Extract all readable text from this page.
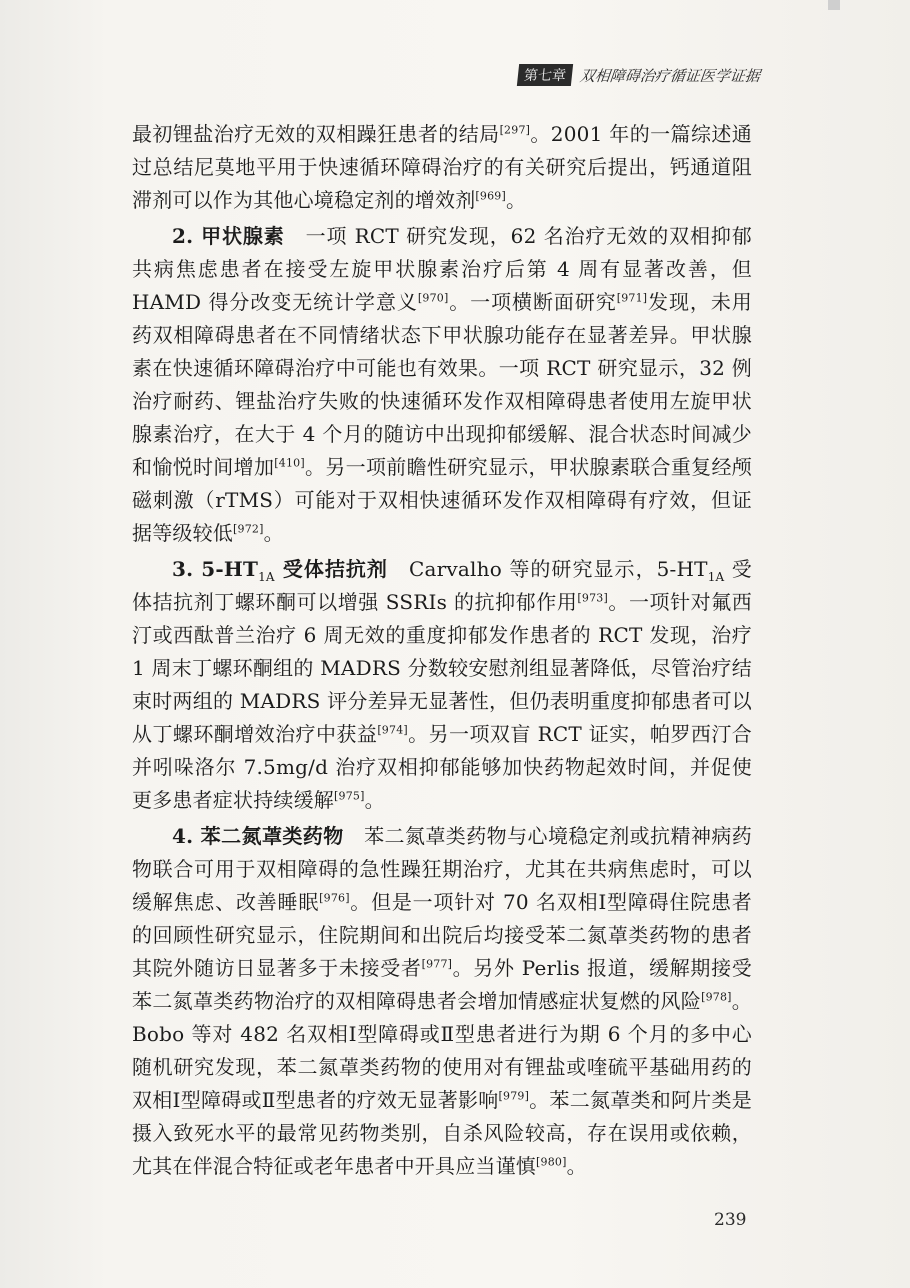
第七章 双相障碍治疗循证医学证据

最初锂盐治疗无效的双相躁狂患者的结局[297]。2001 年的一篇综述通过总结尼莫地平用于快速循环障碍治疗的有关研究后提出，钙通道阻滞剂可以作为其他心境稳定剂的增效剂[969]。

2. 甲状腺素　一项 RCT 研究发现，62 名治疗无效的双相抑郁共病焦虑患者在接受左旋甲状腺素治疗后第 4 周有显著改善，但 HAMD 得分改变无统计学意义[970]。一项横断面研究[971]发现，未用药双相障碍患者在不同情绪状态下甲状腺功能存在显著差异。甲状腺素在快速循环障碍治疗中可能也有效果。一项 RCT 研究显示，32 例治疗耐药、锂盐治疗失败的快速循环发作双相障碍患者使用左旋甲状腺素治疗，在大于 4 个月的随访中出现抑郁缓解、混合状态时间减少和愉悦时间增加[410]。另一项前瞻性研究显示，甲状腺素联合重复经颅磁刺激（rTMS）可能对于双相快速循环发作双相障碍有疗效，但证据等级较低[972]。

3. $5-HT_{1A}$ 受体拮抗剂　Carvalho 等的研究显示，$5-HT_{1A}$ 受体拮抗剂丁螺环酮可以增强 SSRIs 的抗抑郁作用[973]。一项针对氟西汀或西酞普兰治疗 6 周无效的重度抑郁发作患者的 RCT 发现，治疗 1 周末丁螺环酮组的 MADRS 分数较安慰剂组显著降低，尽管治疗结束时两组的 MADRS 评分差异无显著性，但仍表明重度抑郁患者可以从丁螺环酮增效治疗中获益[974]。另一项双盲 RCT 证实，帕罗西汀合并吲哚洛尔 7.5mg/d 治疗双相抑郁能够加快药物起效时间，并促使更多患者症状持续缓解[975]。

4. 苯二氮䓬类药物　苯二氮䓬类药物与心境稳定剂或抗精神病药物联合可用于双相障碍的急性躁狂期治疗，尤其在共病焦虑时，可以缓解焦虑、改善睡眠[976]。但是一项针对 70 名双相Ⅰ型障碍住院患者的回顾性研究显示，住院期间和出院后均接受苯二氮䓬类药物的患者其院外随访日显著多于未接受者[977]。另外 Perlis 报道，缓解期接受苯二氮䓬类药物治疗的双相障碍患者会增加情感症状复燃的风险[978]。Bobo 等对 482 名双相Ⅰ型障碍或Ⅱ型患者进行为期 6 个月的多中心随机研究发现，苯二氮䓬类药物的使用对有锂盐或喹硫平基础用药的双相Ⅰ型障碍或Ⅱ型患者的疗效无显著影响[979]。苯二氮䓬类和阿片类是摄入致死水平的最常见药物类别，自杀风险较高，存在误用或依赖，尤其在伴混合特征或老年患者中开具应当谨慎[980]。

239
